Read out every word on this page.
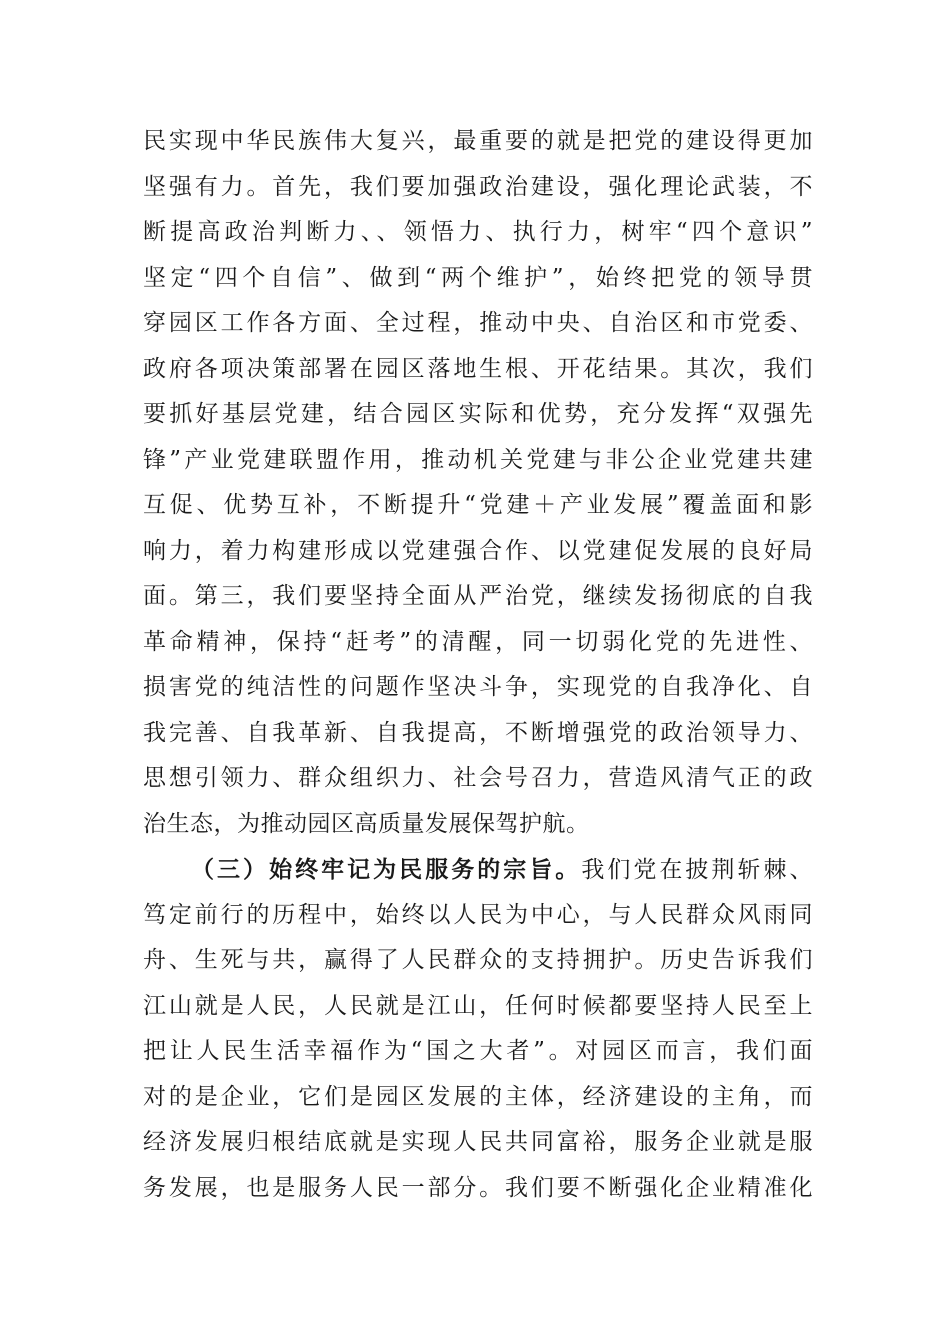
民实现中华民族伟大复兴，最重要的就是把党的建设得更加
坚强有力。首先，我们要加强政治建设，强化理论武装，不
断提高政治判断力、、领悟力、执行力，树牢“四个意识”
坚定“四个自信”、做到“两个维护”，始终把党的领导贯
穿园区工作各方面、全过程，推动中央、自治区和市党委、
政府各项决策部署在园区落地生根、开花结果。其次，我们
要抓好基层党建，结合园区实际和优势，充分发挥“双强先
锋”产业党建联盟作用，推动机关党建与非公企业党建共建
互促、优势互补，不断提升“党建＋产业发展”覆盖面和影
响力，着力构建形成以党建强合作、以党建促发展的良好局
面。第三，我们要坚持全面从严治党，继续发扬彻底的自我
革命精神，保持“赶考”的清醒，同一切弱化党的先进性、
损害党的纯洁性的问题作坚决斗争，实现党的自我净化、自
我完善、自我革新、自我提高，不断增强党的政治领导力、
思想引领力、群众组织力、社会号召力，营造风清气正的政
治生态，为推动园区高质量发展保驾护航。
（三）始终牢记为民服务的宗旨。我们党在披荆斩棘、
笃定前行的历程中，始终以人民为中心，与人民群众风雨同
舟、生死与共，赢得了人民群众的支持拥护。历史告诉我们
江山就是人民，人民就是江山，任何时候都要坚持人民至上
把让人民生活幸福作为“国之大者”。对园区而言，我们面
对的是企业，它们是园区发展的主体，经济建设的主角，而
经济发展归根结底就是实现人民共同富裕，服务企业就是服
务发展，也是服务人民一部分。我们要不断强化企业精准化
